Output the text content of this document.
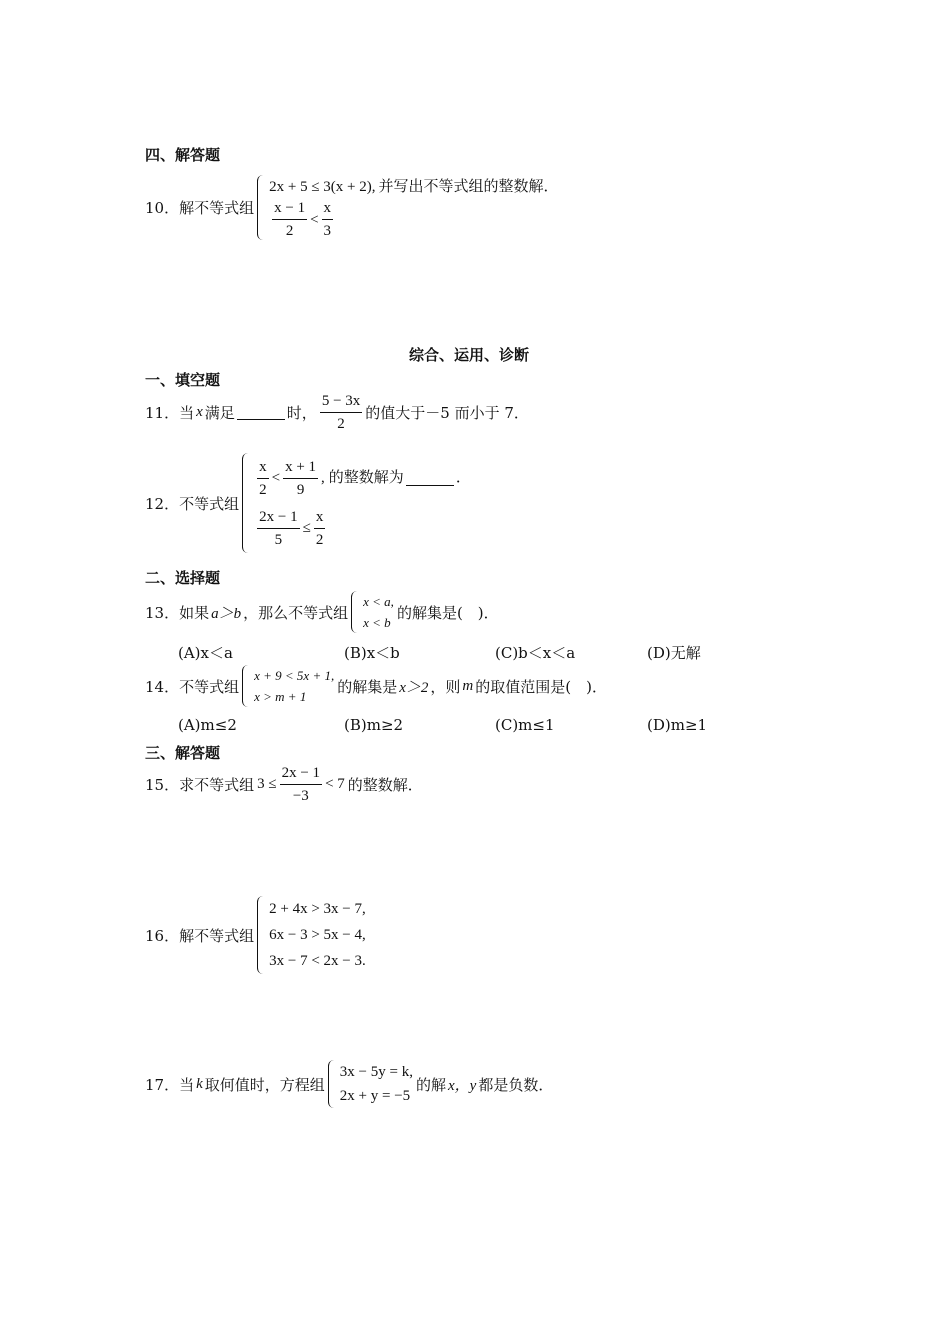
四、解答题
10． 解不等式组
2x + 5 ≤ 3(x + 2),
$\frac{x - 1}{2} < \frac{x}{3}$
并写出不等式组的整数解．
综合、运用、诊断
一、填空题
11． 当 x 满足	时， $\frac{5 - 3x}{2}$ 的值大于－5 而小于 7．
12． 不等式组
$\frac{x}{2} < \frac{x + 1}{9}$ , 的整数解为	．
$\frac{2x - 1}{5} \le \frac{x}{2}$
二、选择题
13． 如果 a＞b ，那么不等式组
x < a,
x < b
的解集是(　)．
(A)x＜a	(B)x＜b	(C)b＜x＜a	(D)无解
14． 不等式组
x + 9 < 5x + 1,
x > m + 1
的解集是 x＞2 ，则 m 的取值范围是(　)．
(A)m≤2	(B)m≥2	(C)m≤1	(D)m≥1
三、解答题
15． 求不等式组 $3 \le \frac{2x - 1}{-3} < 7$ 的整数解．
16． 解不等式组
2 + 4x > 3x − 7,
6x − 3 > 5x − 4,
3x − 7 < 2x − 3.
17． 当 k 取何值时，方程组
3x − 5y = k,
2x + y = −5
的解 x，y 都是负数．
